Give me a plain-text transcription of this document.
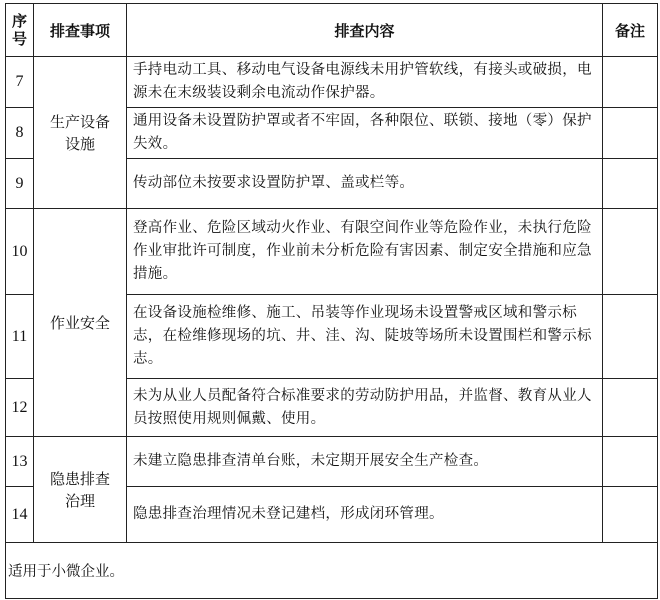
序号	排查事项	排查内容	备注
7	生产设备设施	手持电动工具、移动电气设备电源线未用护管软线，有接头或破损，电源未在末级装设剩余电流动作保护器。	
8		通用设备未设置防护罩或者不牢固，各种限位、联锁、接地（零）保护失效。	
9		传动部位未按要求设置防护罩、盖或栏等。	
10	作业安全	登高作业、危险区域动火作业、有限空间作业等危险作业，未执行危险作业审批许可制度，作业前未分析危险有害因素、制定安全措施和应急措施。	
11		在设备设施检维修、施工、吊装等作业现场未设置警戒区域和警示标志，在检维修现场的坑、井、洼、沟、陡坡等场所未设置围栏和警示标志。	
12		未为从业人员配备符合标准要求的劳动防护用品，并监督、教育从业人员按照使用规则佩戴、使用。	
13	隐患排查治理	未建立隐患排查清单台账，未定期开展安全生产检查。	
14		隐患排查治理情况未登记建档，形成闭环管理。	
适用于小微企业。			
